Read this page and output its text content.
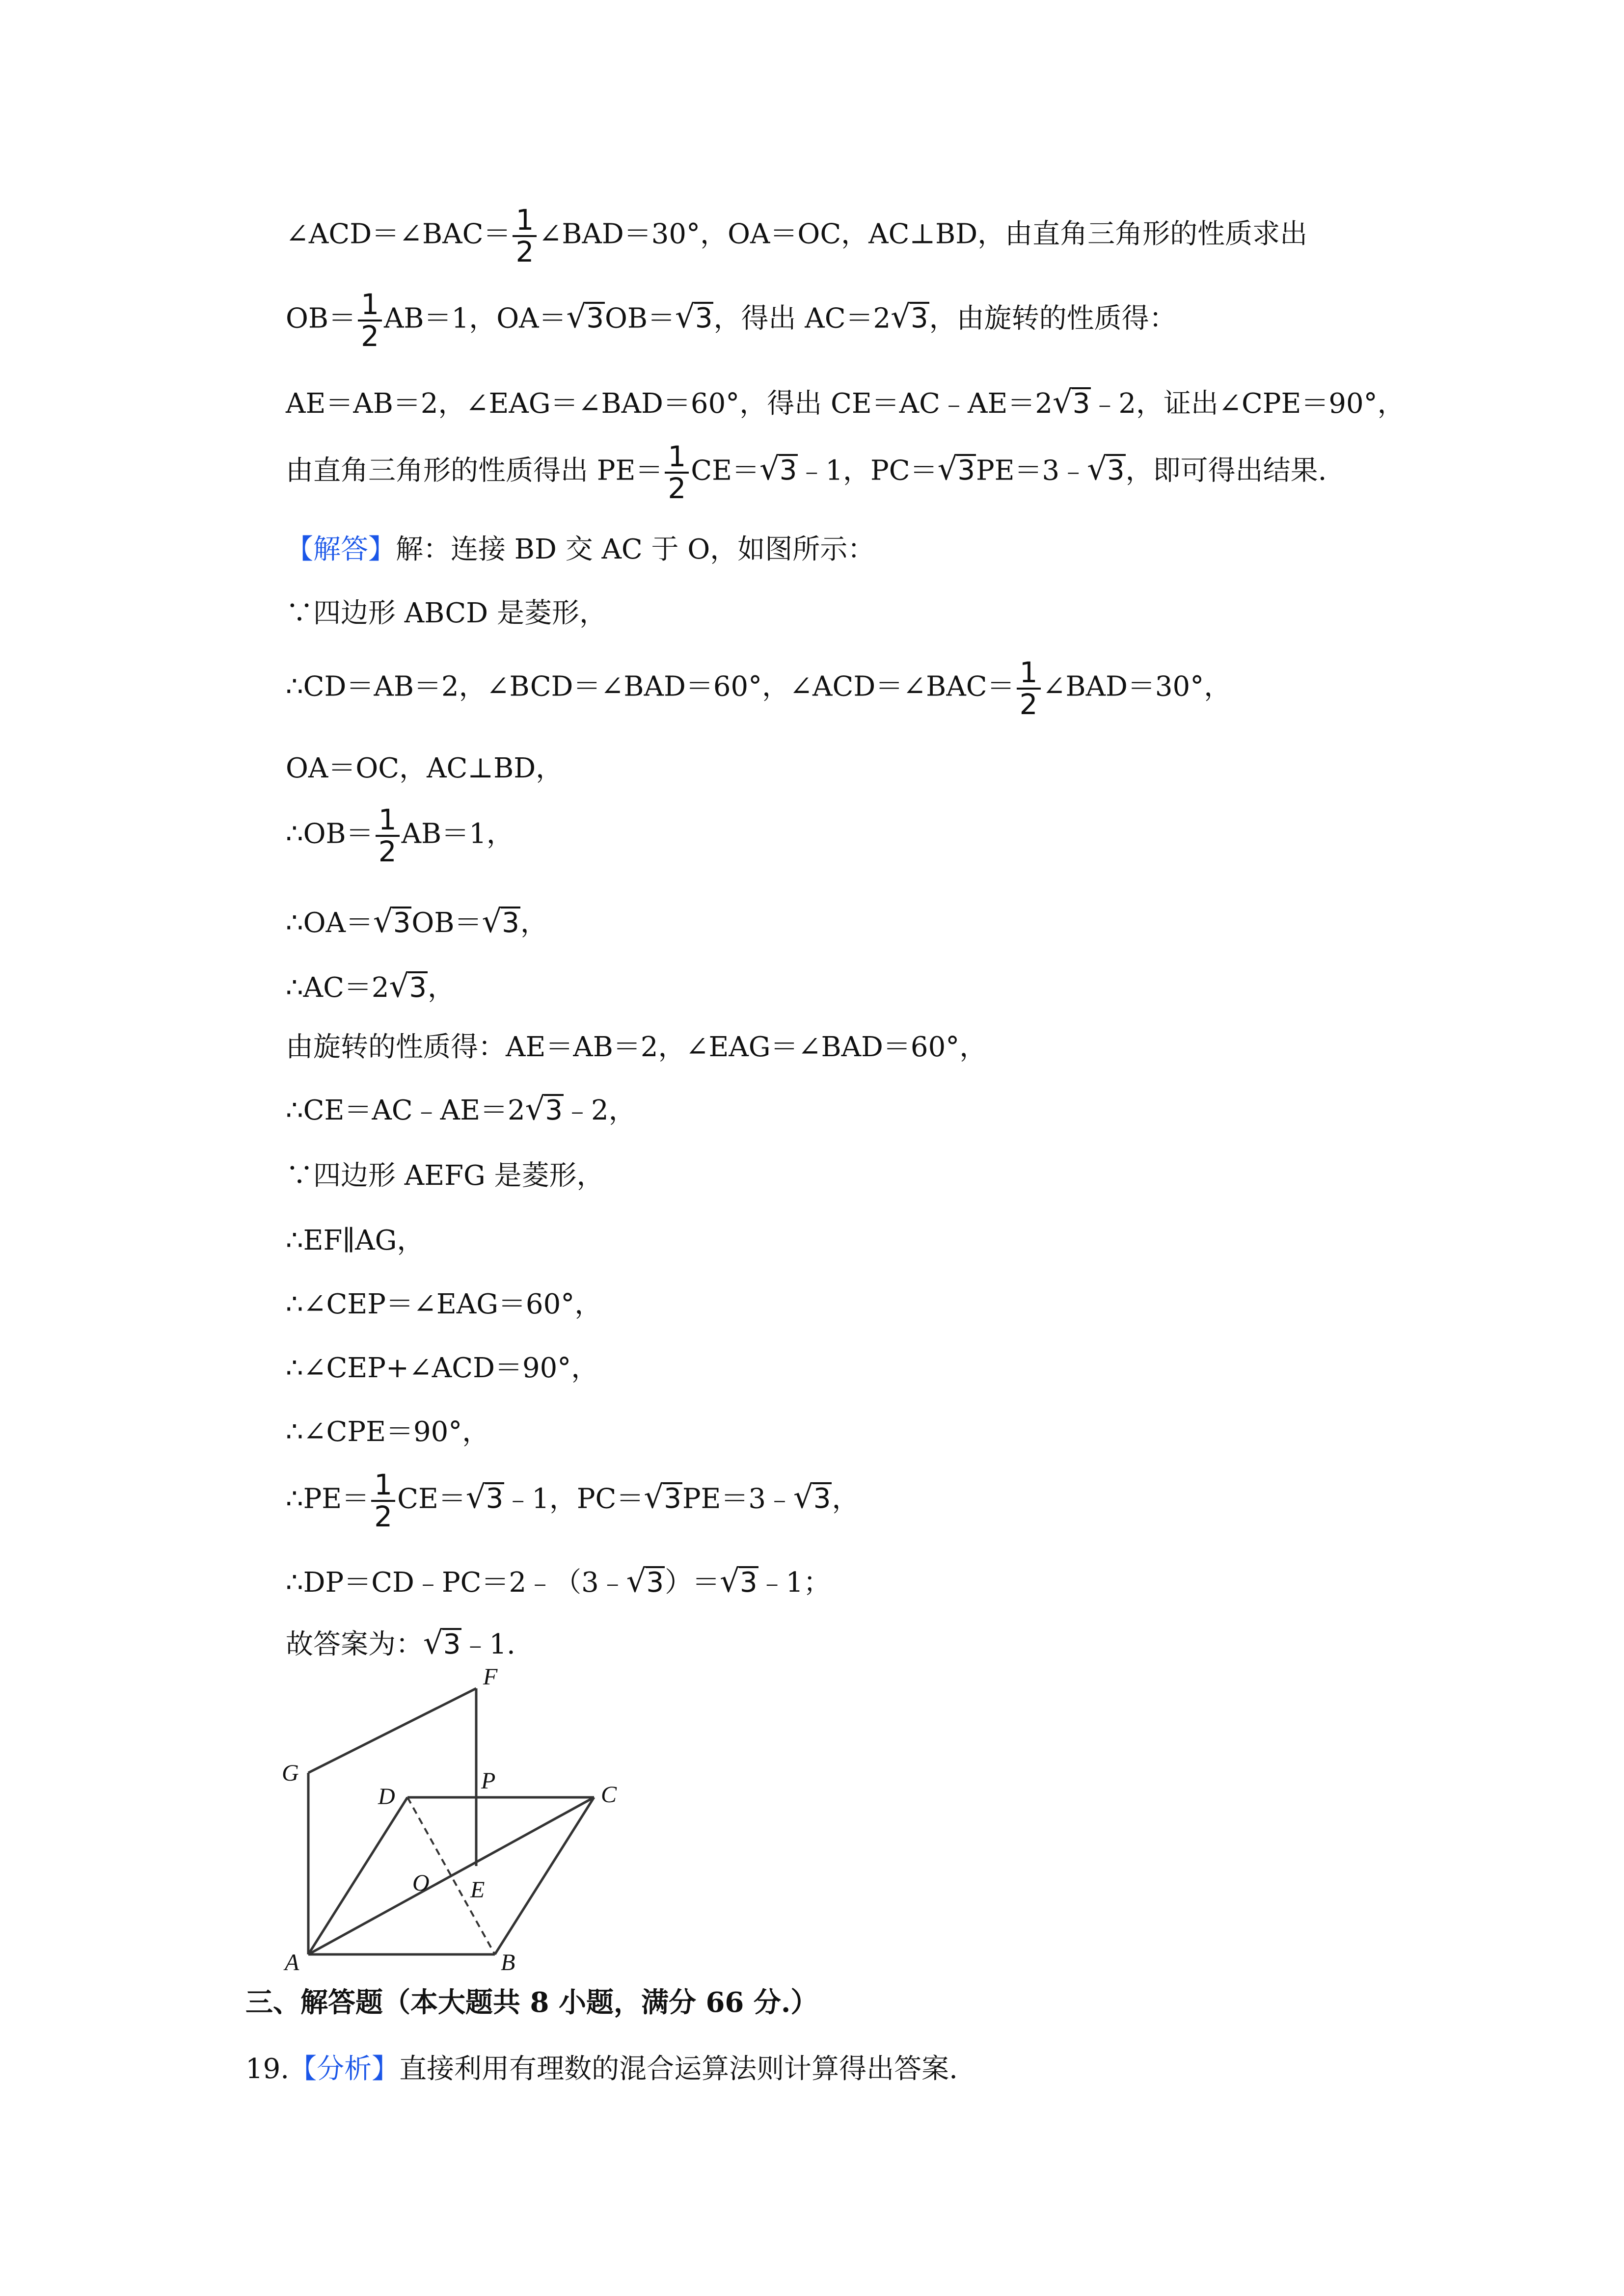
∠ACD＝∠BAC＝ $\frac{1}{2}$ ∠BAD＝30°，OA＝OC，AC⊥BD，由直角三角形的性质求出
$OB= \frac{1}{2} AB=1$，OA＝√3OB＝√3，得出 AC＝2√3，由旋转的性质得：
AE＝AB＝2，∠EAG＝∠BAD＝60°，得出 CE＝AC﹣AE＝2√3﹣2，证出∠CPE＝90°，
由直角三角形的性质得出 $PE= \frac{1}{2}$ CE＝√3﹣1，PC＝√3PE＝3﹣√3，即可得出结果.
【解答】解：连接 BD 交 AC 于 O，如图所示：
∵四边形 ABCD 是菱形，
∴CD＝AB＝2，∠BCD＝∠BAD＝60°，∠ACD＝∠BAC＝ $\frac{1}{2}$ ∠BAD＝30°，
OA＝OC，AC⊥BD，
∴OB＝ $\frac{1}{2} AB=1$，
∴OA＝√3OB＝√3，
∴AC＝2√3，
由旋转的性质得：AE＝AB＝2，∠EAG＝∠BAD＝60°，
∴CE＝AC﹣AE＝2√3﹣2，
∵四边形 AEFG 是菱形，
∴EF∥AG，
∴∠CEP＝∠EAG＝60°，
∴∠CEP+∠ACD＝90°，
∴∠CPE＝90°，
∴PE＝ $\frac{1}{2}$ CE＝√3﹣1，PC＝√3PE＝3﹣√3，
∴DP＝CD﹣PC＝2﹣（3﹣√3）＝√3﹣1；
故答案为：√3﹣1.
F
G
D
P
C
O E
A	B
三、解答题（本大题共 8 小题，满分 66 分.）
19.【分析】直接利用有理数的混合运算法则计算得出答案.
